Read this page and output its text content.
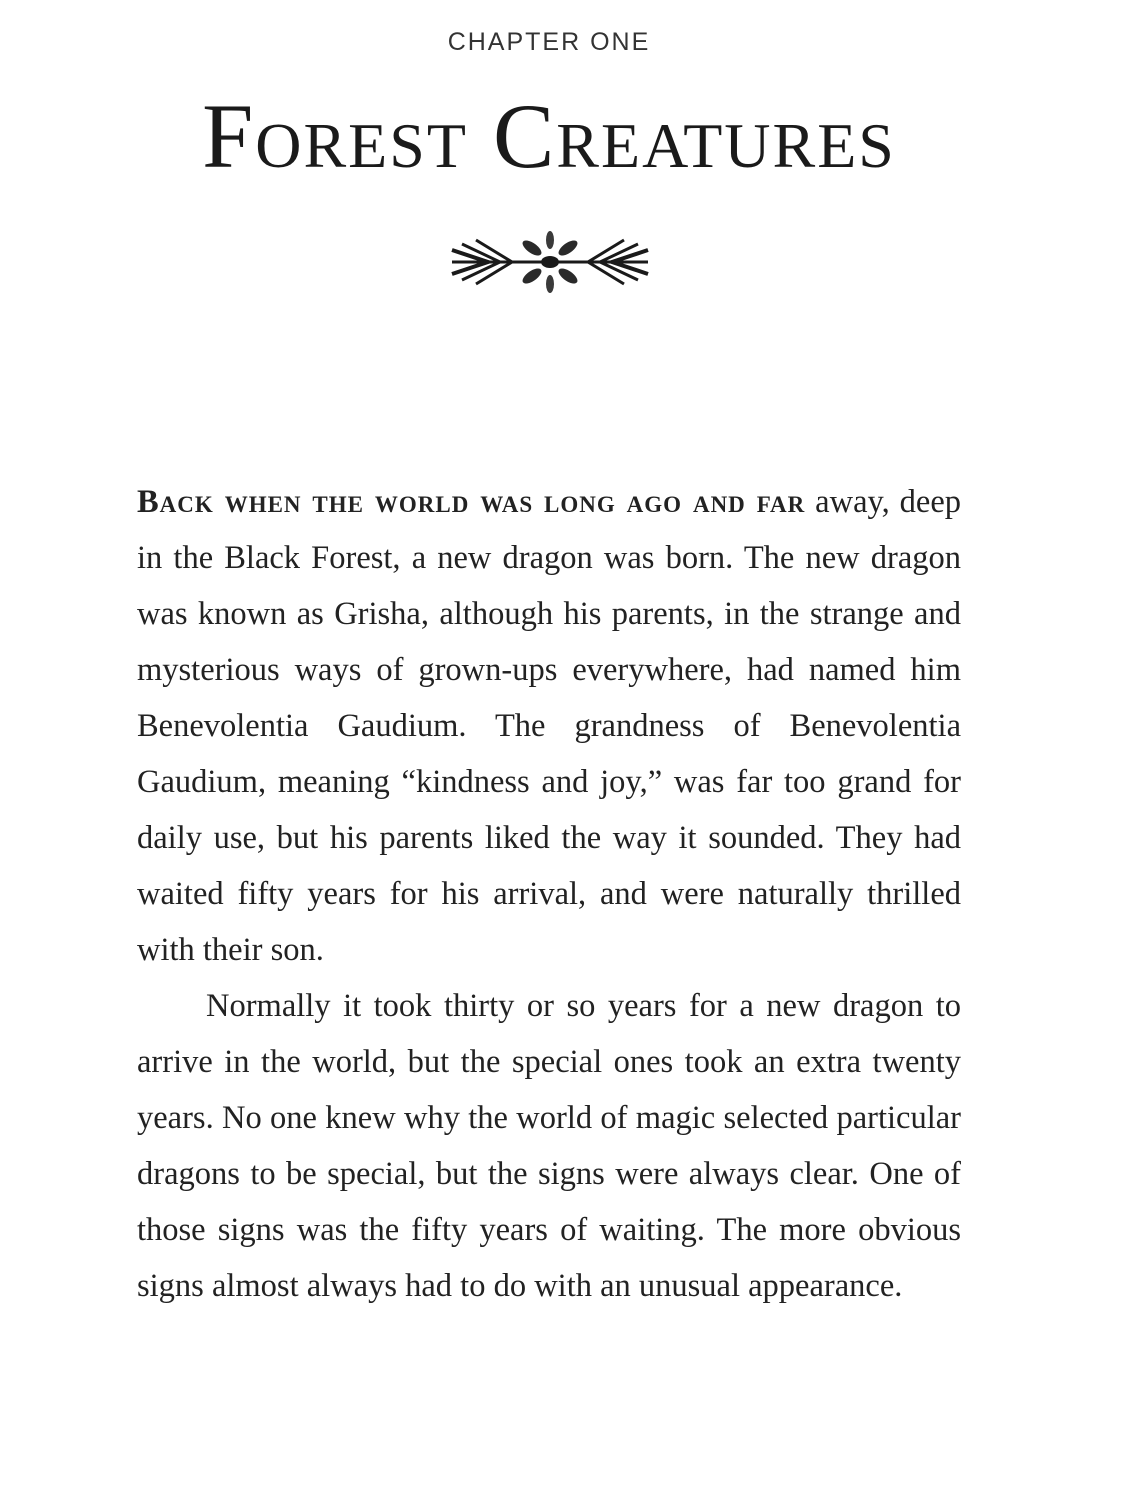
CHAPTER ONE
Forest Creatures

Back when the world was long ago and far away, deep in the Black Forest, a new dragon was born. The new dragon was known as Grisha, although his parents, in the strange and mysterious ways of grown-ups everywhere, had named him Benevolentia Gaudium. The grandness of Benevolentia Gaudium, meaning “kindness and joy,” was far too grand for daily use, but his parents liked the way it sounded. They had waited fifty years for his arrival, and were naturally thrilled with their son.

Normally it took thirty or so years for a new dragon to arrive in the world, but the special ones took an extra twenty years. No one knew why the world of magic selected particular dragons to be special, but the signs were always clear. One of those signs was the fifty years of waiting. The more obvious signs almost always had to do with an unusual appearance.
